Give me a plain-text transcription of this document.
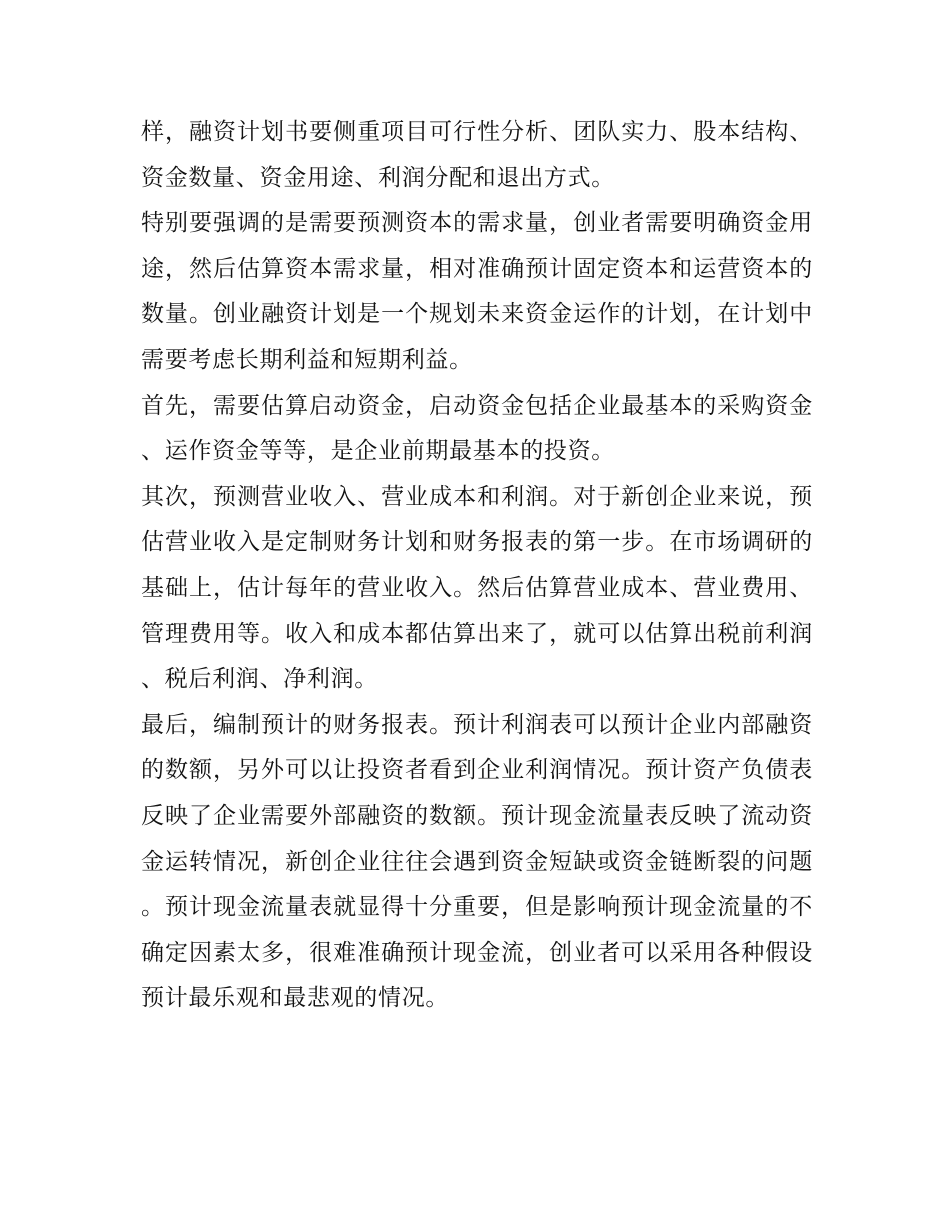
样，融资计划书要侧重项目可行性分析、团队实力、股本结构、资金数量、资金用途、利润分配和退出方式。

特别要强调的是需要预测资本的需求量，创业者需要明确资金用途，然后估算资本需求量，相对准确预计固定资本和运营资本的数量。创业融资计划是一个规划未来资金运作的计划，在计划中需要考虑长期利益和短期利益。

首先，需要估算启动资金，启动资金包括企业最基本的采购资金、运作资金等等，是企业前期最基本的投资。

其次，预测营业收入、营业成本和利润。对于新创企业来说，预估营业收入是定制财务计划和财务报表的第一步。在市场调研的基础上，估计每年的营业收入。然后估算营业成本、营业费用、管理费用等。收入和成本都估算出来了，就可以估算出税前利润、税后利润、净利润。

最后，编制预计的财务报表。预计利润表可以预计企业内部融资的数额，另外可以让投资者看到企业利润情况。预计资产负债表反映了企业需要外部融资的数额。预计现金流量表反映了流动资金运转情况，新创企业往往会遇到资金短缺或资金链断裂的问题。预计现金流量表就显得十分重要，但是影响预计现金流量的不确定因素太多，很难准确预计现金流，创业者可以采用各种假设预计最乐观和最悲观的情况。
